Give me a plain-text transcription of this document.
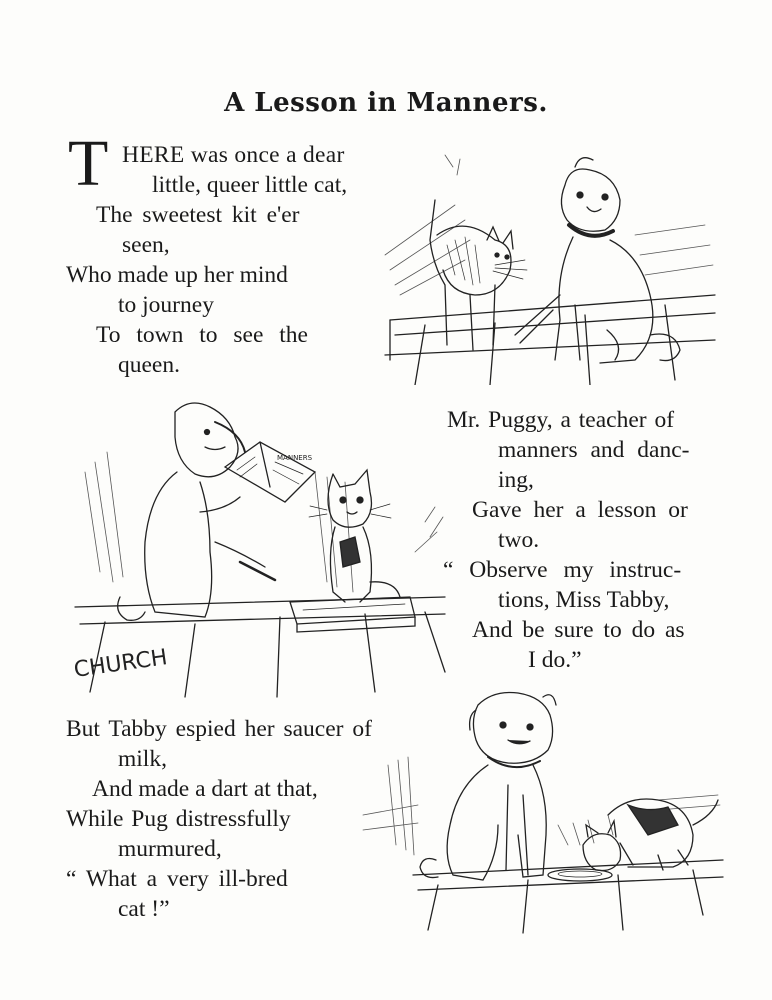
A Lesson in Manners.
T HERE was once a dear
little, queer little cat,
The sweetest kit e'er
seen,
Who made up her mind
to journey
To town to see the
queen.
MANNERS
CHURCH
Mr. Puggy, a teacher of
manners and danc-
ing,
Gave her a lesson or
two.
“ Observe my instruc-
tions, Miss Tabby,
And be sure to do as
I do.”
But Tabby espied her saucer of
milk,
And made a dart at that,
While Pug distressfully
murmured,
“ What a very ill-bred
cat !”
